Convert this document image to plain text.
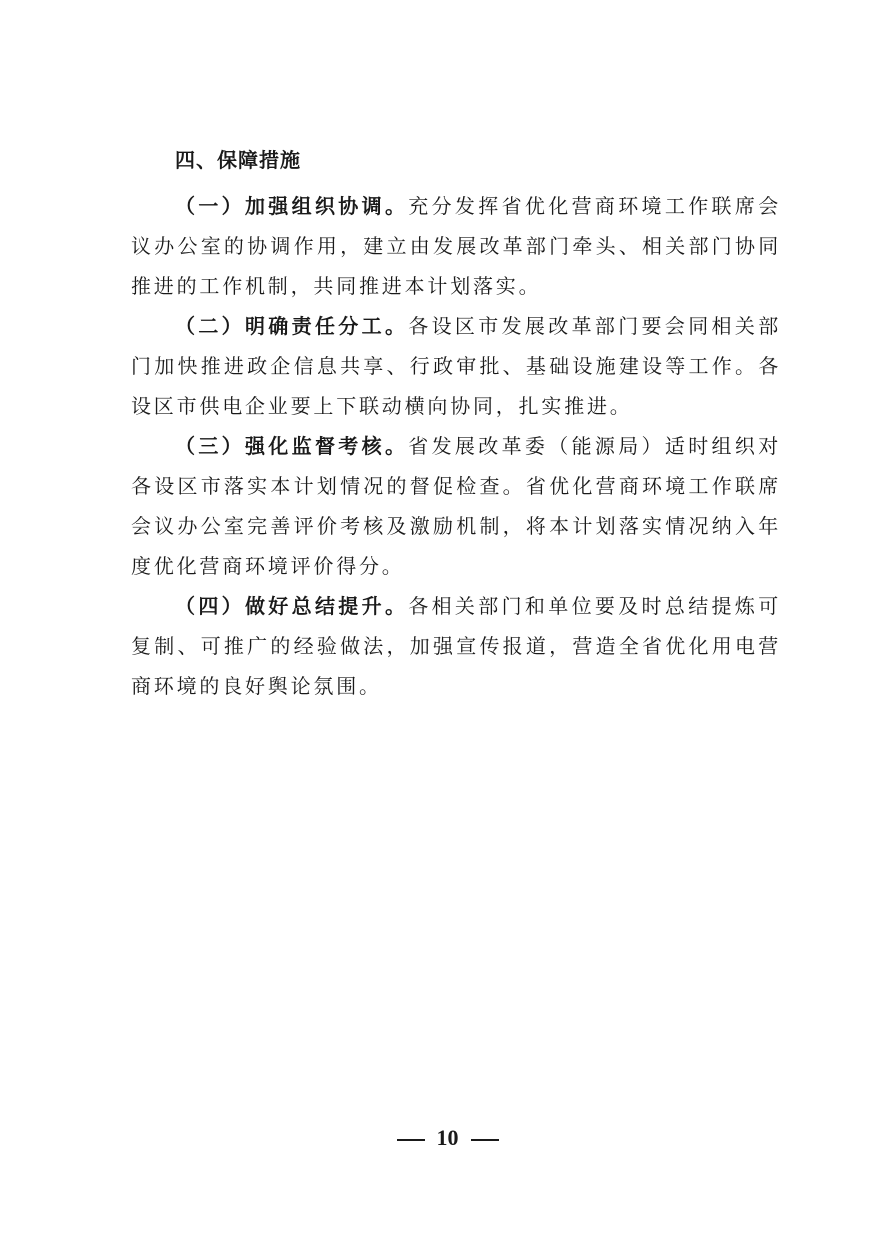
四、保障措施

（一）加强组织协调。充分发挥省优化营商环境工作联席会议办公室的协调作用，建立由发展改革部门牵头、相关部门协同推进的工作机制，共同推进本计划落实。

（二）明确责任分工。各设区市发展改革部门要会同相关部门加快推进政企信息共享、行政审批、基础设施建设等工作。各设区市供电企业要上下联动横向协同，扎实推进。

（三）强化监督考核。省发展改革委（能源局）适时组织对各设区市落实本计划情况的督促检查。省优化营商环境工作联席会议办公室完善评价考核及激励机制，将本计划落实情况纳入年度优化营商环境评价得分。

（四）做好总结提升。各相关部门和单位要及时总结提炼可复制、可推广的经验做法，加强宣传报道，营造全省优化用电营商环境的良好舆论氛围。

10
